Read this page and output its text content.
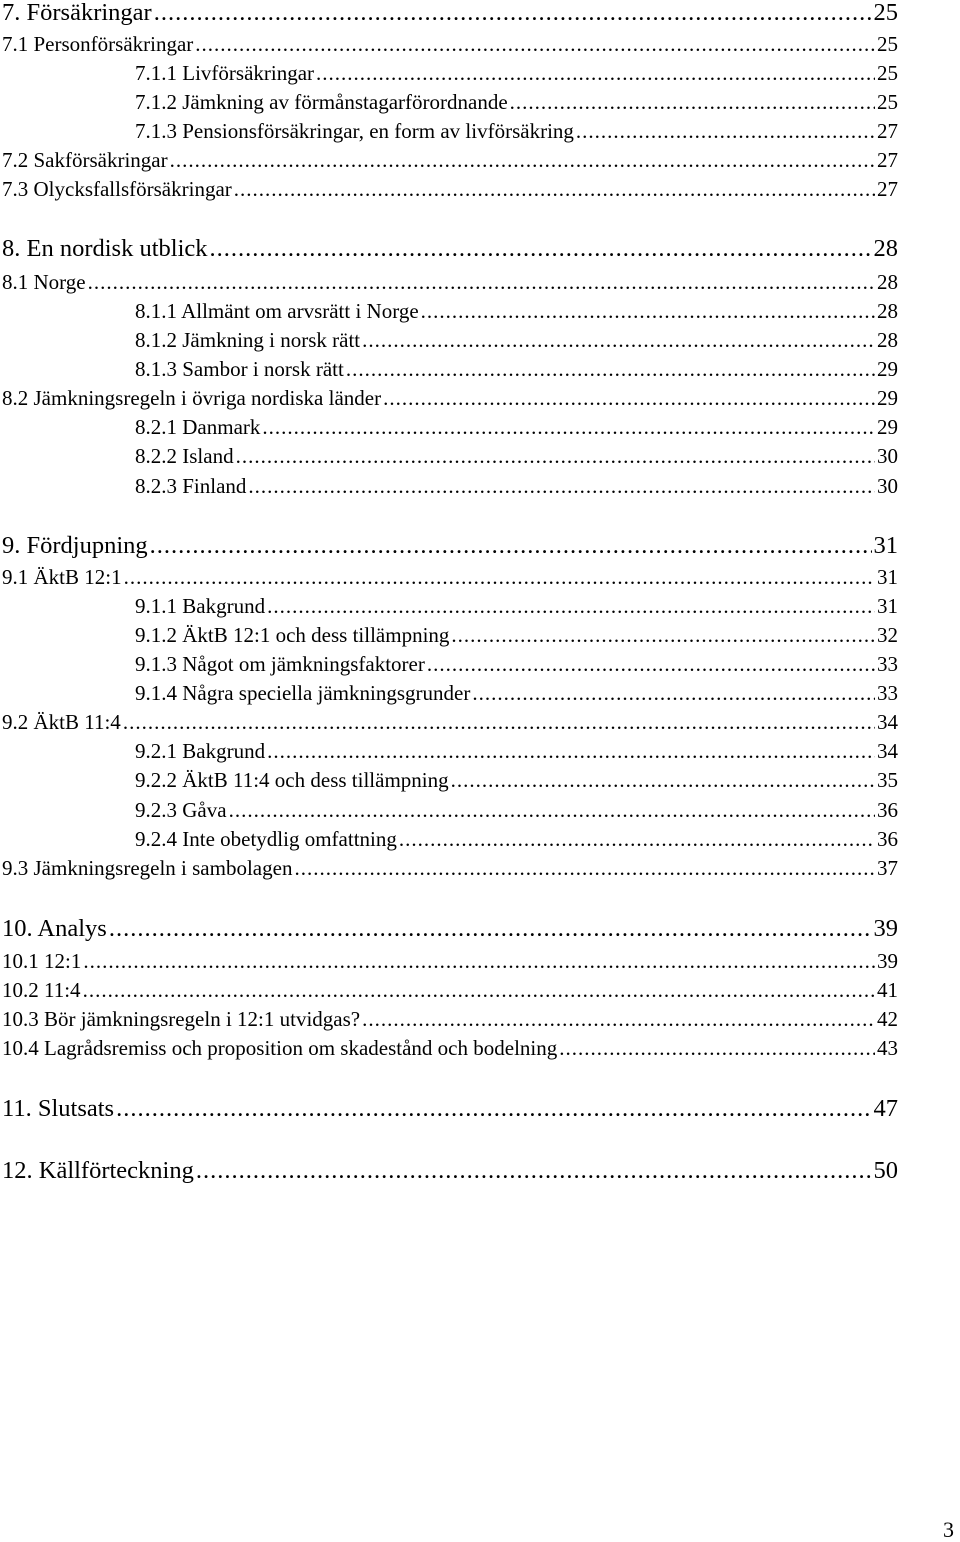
7. Försäkringar .....	25
7.1 Personförsäkringar .....	25
7.1.1 Livförsäkringar .....	25
7.1.2 Jämkning av förmånstagarförordnande .....	25
7.1.3 Pensionsförsäkringar, en form av livförsäkring .....	27
7.2 Sakförsäkringar .....	27
7.3 Olycksfallsförsäkringar .....	27
8. En nordisk utblick .....	28
8.1 Norge .....	28
8.1.1 Allmänt om arvsrätt i Norge .....	28
8.1.2 Jämkning i norsk rätt .....	28
8.1.3 Sambor i norsk rätt .....	29
8.2 Jämkningsregeln i övriga nordiska länder .....	29
8.2.1 Danmark .....	29
8.2.2 Island .....	30
8.2.3 Finland .....	30
9. Fördjupning .....	31
9.1 ÄktB 12:1 .....	31
9.1.1 Bakgrund .....	31
9.1.2 ÄktB 12:1 och dess tillämpning .....	32
9.1.3 Något om jämkningsfaktorer .....	33
9.1.4 Några speciella jämkningsgrunder .....	33
9.2 ÄktB 11:4 .....	34
9.2.1 Bakgrund .....	34
9.2.2 ÄktB 11:4 och dess tillämpning .....	35
9.2.3 Gåva .....	36
9.2.4 Inte obetydlig omfattning .....	36
9.3 Jämkningsregeln i sambolagen .....	37
10. Analys .....	39
10.1 12:1 .....	39
10.2 11:4 .....	41
10.3 Bör jämkningsregeln i 12:1 utvidgas? .....	42
10.4 Lagrådsremiss och proposition om skadestånd och bodelning .....	43
11. Slutsats .....	47
12. Källförteckning .....	50
3
